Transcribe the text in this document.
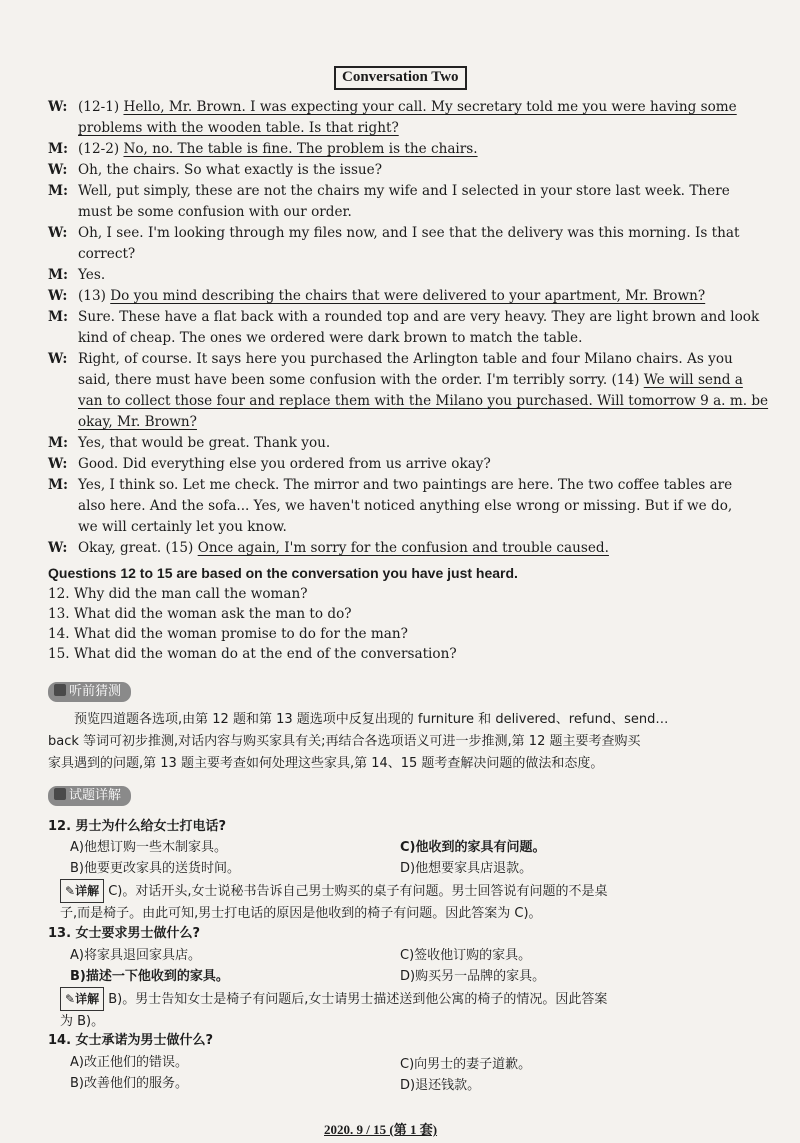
Conversation Two
W: (12-1) Hello, Mr. Brown. I was expecting your call. My secretary told me you were having some
problems with the wooden table. Is that right?
M: (12-2) No, no. The table is fine. The problem is the chairs.
W: Oh, the chairs. So what exactly is the issue?
M: Well, put simply, these are not the chairs my wife and I selected in your store last week. There
must be some confusion with our order.
W: Oh, I see. I'm looking through my files now, and I see that the delivery was this morning. Is that
correct?
M: Yes.
W: (13) Do you mind describing the chairs that were delivered to your apartment, Mr. Brown?
M: Sure. These have a flat back with a rounded top and are very heavy. They are light brown and look
kind of cheap. The ones we ordered were dark brown to match the table.
W: Right, of course. It says here you purchased the Arlington table and four Milano chairs. As you
said, there must have been some confusion with the order. I'm terribly sorry. (14) We will send a
van to collect those four and replace them with the Milano you purchased. Will tomorrow 9 a. m. be
okay, Mr. Brown?
M: Yes, that would be great. Thank you.
W: Good. Did everything else you ordered from us arrive okay?
M: Yes, I think so. Let me check. The mirror and two paintings are here. The two coffee tables are
also here. And the sofa... Yes, we haven't noticed anything else wrong or missing. But if we do,
we will certainly let you know.
W: Okay, great. (15) Once again, I'm sorry for the confusion and trouble caused.
Questions 12 to 15 are based on the conversation you have just heard.
12. Why did the man call the woman?
13. What did the woman ask the man to do?
14. What did the woman promise to do for the man?
15. What did the woman do at the end of the conversation?
听前猜测
预览四道题各选项,由第 12 题和第 13 题选项中反复出现的 furniture 和 delivered、refund、send…
back 等词可初步推测,对话内容与购买家具有关;再结合各选项语义可进一步推测,第 12 题主要考查购买
家具遇到的问题,第 13 题主要考查如何处理这些家具,第 14、15 题考查解决问题的做法和态度。
试题详解
12. 男士为什么给女士打电话?
A)他想订购一些木制家具。	C)他收到的家具有问题。
B)他要更改家具的送货时间。	D)他想要家具店退款。
✎详解 C)。对话开头,女士说秘书告诉自己男士购买的桌子有问题。男士回答说有问题的不是桌
子,而是椅子。由此可知,男士打电话的原因是他收到的椅子有问题。因此答案为 C)。
13. 女士要求男士做什么?
A)将家具退回家具店。	C)签收他订购的家具。
B)描述一下他收到的家具。	D)购买另一品牌的家具。
✎详解 B)。男士告知女士是椅子有问题后,女士请男士描述送到他公寓的椅子的情况。因此答案
为 B)。
14. 女士承诺为男士做什么?
A)改正他们的错误。	C)向男士的妻子道歉。
B)改善他们的服务。	D)退还钱款。
2020. 9 / 15 (第 1 套)
